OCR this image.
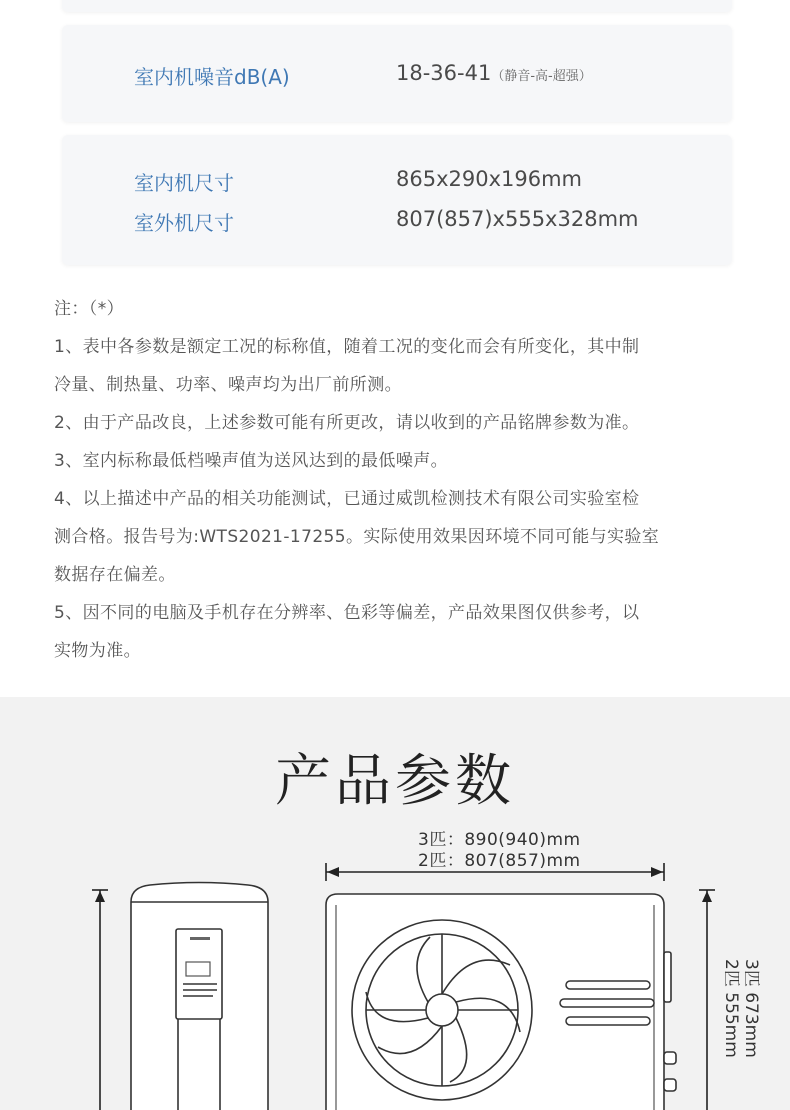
室内机噪音dB(A)	18-36-41（静音-高-超强）
室内机尺寸	865x290x196mm
室外机尺寸	807(857)x555x328mm

注：（*）

1、表中各参数是额定工况的标称值，随着工况的变化而会有所变化，其中制

冷量、制热量、功率、噪声均为出厂前所测。

2、由于产品改良，上述参数可能有所更改，请以收到的产品铭牌参数为准。

3、室内标称最低档噪声值为送风达到的最低噪声。

4、以上描述中产品的相关功能测试，已通过威凯检测技术有限公司实验室检

测合格。报告号为:WTS2021-17255。实际使用效果因环境不同可能与实验室

数据存在偏差。

5、因不同的电脑及手机存在分辨率、色彩等偏差，产品效果图仅供参考，以

实物为准。

产品参数
3匹：890(940)mm
2匹：807(857)mm
3匹 673mm
2匹 555mm
